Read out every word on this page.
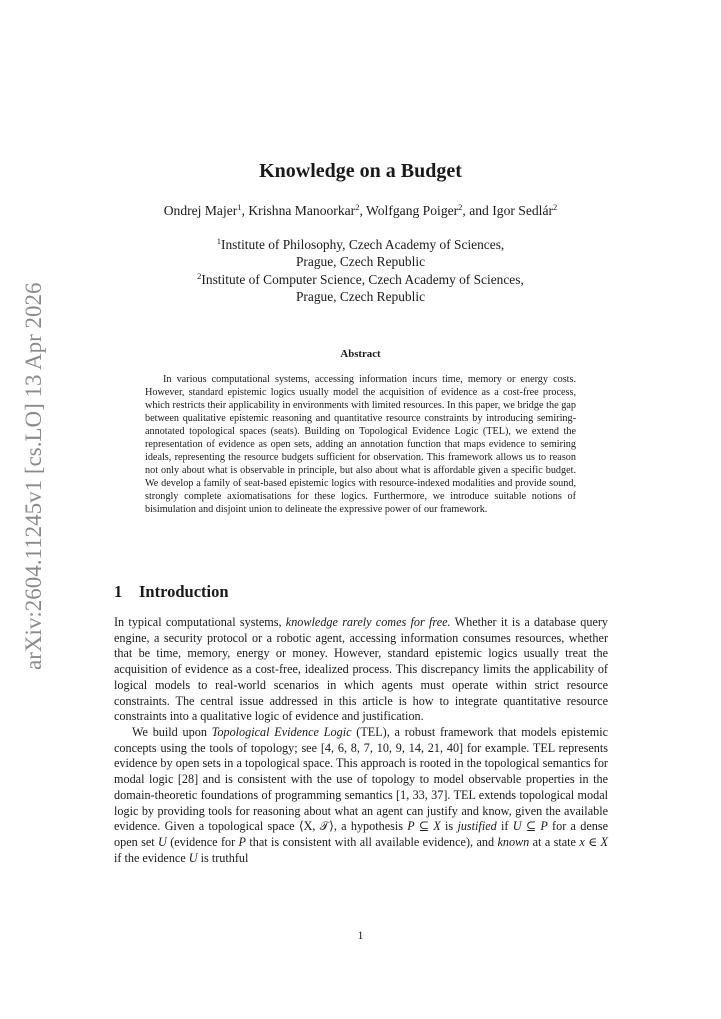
arXiv:2604.11245v1 [cs.LO] 13 Apr 2026
Knowledge on a Budget
Ondrej Majer$^1$, Krishna Manoorkar$^2$, Wolfgang Poiger$^2$, and Igor Sedlár$^2$
$^1$Institute of Philosophy, Czech Academy of Sciences,
Prague, Czech Republic
$^2$Institute of Computer Science, Czech Academy of Sciences,
Prague, Czech Republic
Abstract

In various computational systems, accessing information incurs time, memory or energy costs. However, standard epistemic logics usually model the acquisition of evidence as a cost-free process, which restricts their applicability in environments with limited resources. In this paper, we bridge the gap between qualitative epistemic reasoning and quantitative resource constraints by introducing semiring-annotated topological spaces (seats). Building on Topological Evidence Logic (TEL), we extend the representation of evidence as open sets, adding an annotation function that maps evidence to semiring ideals, representing the resource budgets sufficient for observation. This framework allows us to reason not only about what is observable in principle, but also about what is affordable given a specific budget. We develop a family of seat-based epistemic logics with resource-indexed modalities and provide sound, strongly complete axiomatisations for these logics. Furthermore, we introduce suitable notions of bisimulation and disjoint union to delineate the expressive power of our framework.

1 Introduction

In typical computational systems, knowledge rarely comes for free. Whether it is a database query engine, a security protocol or a robotic agent, accessing information consumes resources, whether that be time, memory, energy or money. However, standard epistemic logics usually treat the acquisition of evidence as a cost-free, idealized process. This discrepancy limits the applicability of logical models to real-world scenarios in which agents must operate within strict resource constraints. The central issue addressed in this article is how to integrate quantitative resource constraints into a qualitative logic of evidence and justification.

We build upon Topological Evidence Logic (TEL), a robust framework that models epistemic concepts using the tools of topology; see [4, 6, 8, 7, 10, 9, 14, 21, 40] for example. TEL represents evidence by open sets in a topological space. This approach is rooted in the topological semantics for modal logic [28] and is consistent with the use of topology to model observable properties in the domain-theoretic foundations of programming semantics [1, 33, 37]. TEL extends topological modal logic by providing tools for reasoning about what an agent can justify and know, given the available evidence. Given a topological space ⟨X, 𝒯⟩, a hypothesis P ⊆ X is justified if U ⊆ P for a dense open set U (evidence for P that is consistent with all available evidence), and known at a state x ∈ X if the evidence U is truthful

1
